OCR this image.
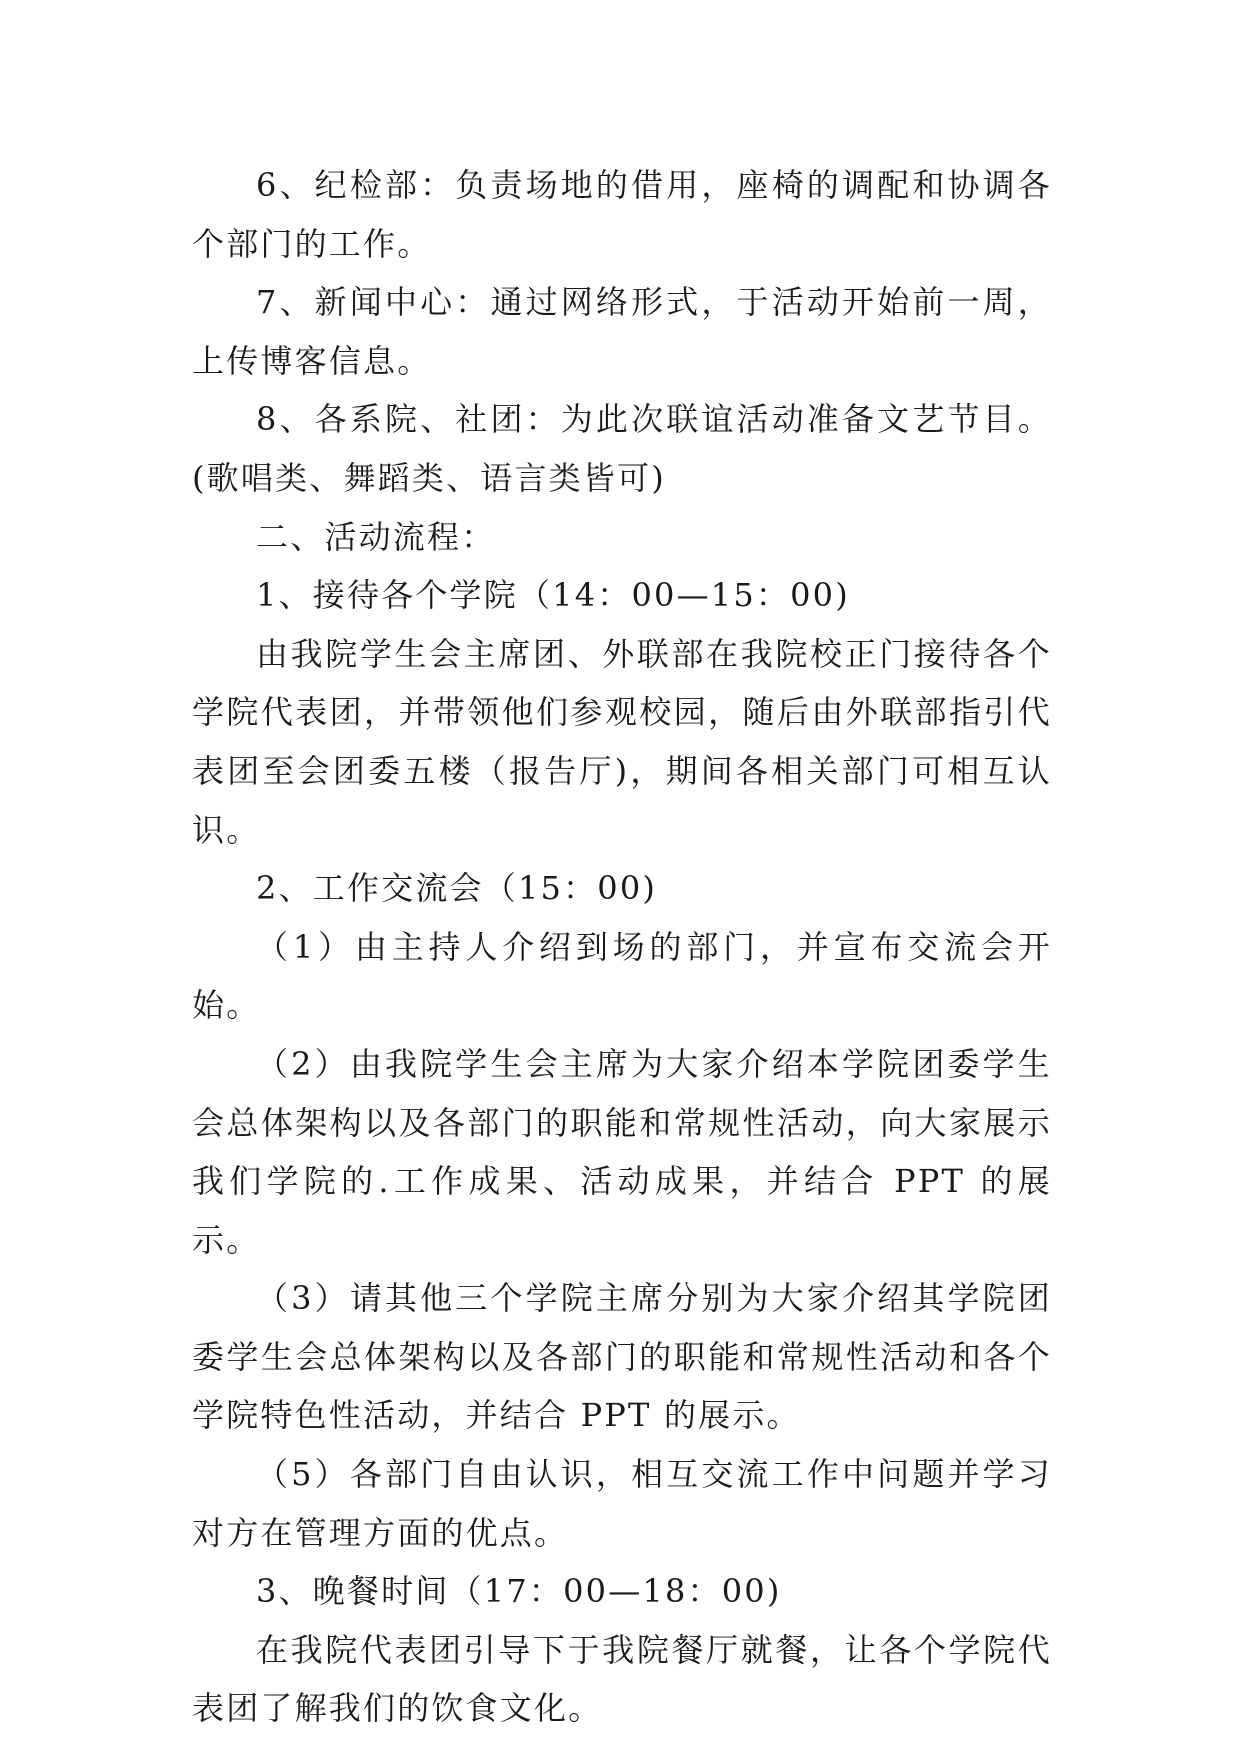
6、纪检部：负责场地的借用，座椅的调配和协调各个部门的工作。

7、新闻中心：通过网络形式，于活动开始前一周，上传博客信息。

8、各系院、社团：为此次联谊活动准备文艺节目。(歌唱类、舞蹈类、语言类皆可)

二、活动流程：

1、接待各个学院（14：00—15：00)

由我院学生会主席团、外联部在我院校正门接待各个学院代表团，并带领他们参观校园，随后由外联部指引代表团至会团委五楼（报告厅)，期间各相关部门可相互认识。

2、工作交流会（15：00)

（1）由主持人介绍到场的部门，并宣布交流会开始。

（2）由我院学生会主席为大家介绍本学院团委学生会总体架构以及各部门的职能和常规性活动，向大家展示我们学院的.工作成果、活动成果，并结合 PPT 的展示。

（3）请其他三个学院主席分别为大家介绍其学院团委学生会总体架构以及各部门的职能和常规性活动和各个学院特色性活动，并结合 PPT 的展示。

（5）各部门自由认识，相互交流工作中问题并学习对方在管理方面的优点。

3、晚餐时间（17：00—18：00)

在我院代表团引导下于我院餐厅就餐，让各个学院代表团了解我们的饮食文化。
